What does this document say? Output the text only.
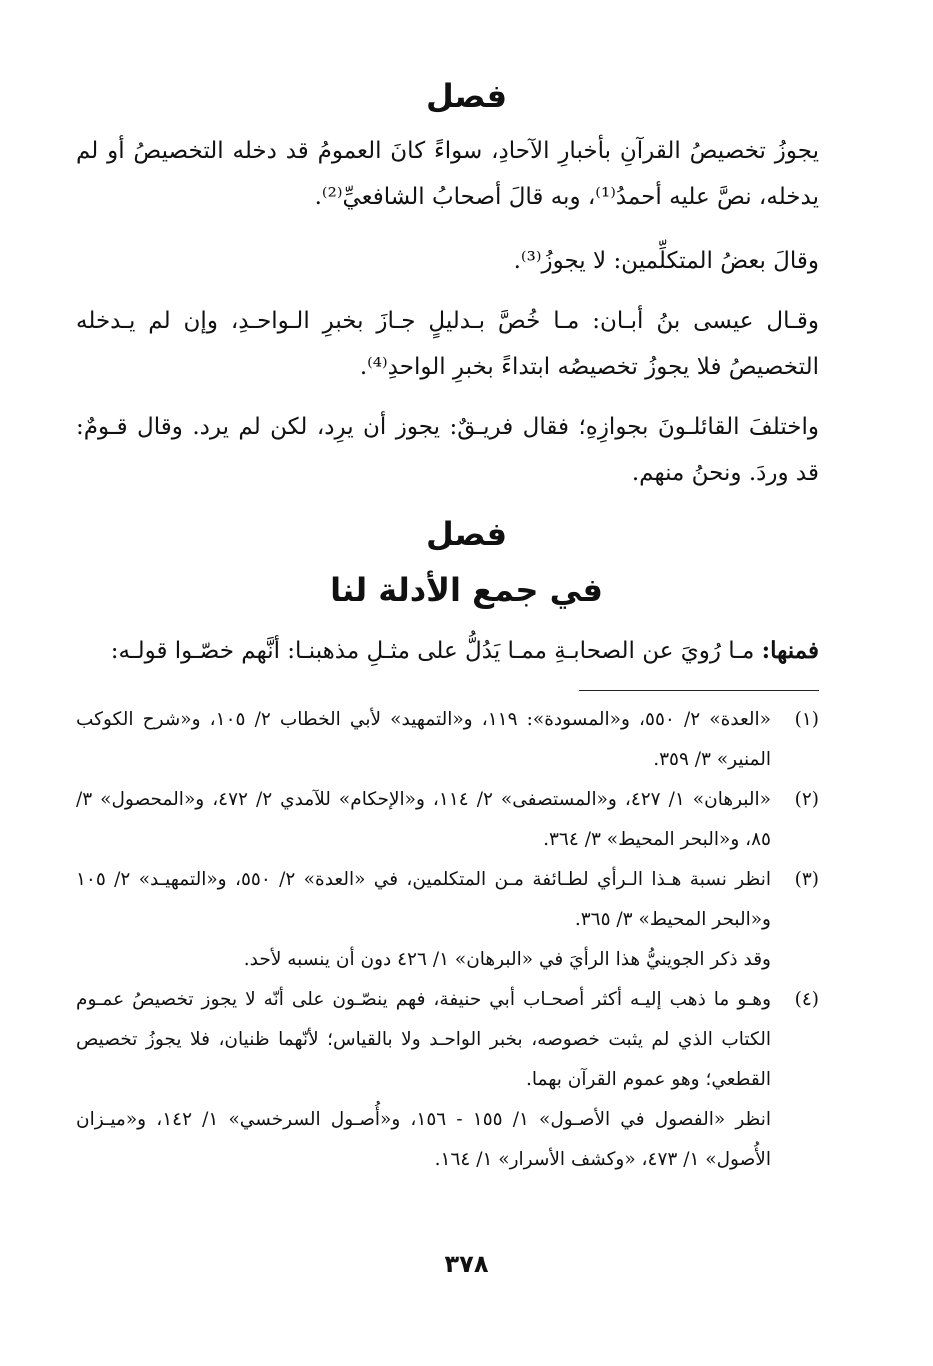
فصل

يجوزُ تخصيصُ القرآنِ بأخبارِ الآحادِ، سواءً كانَ العمومُ قد دخله التخصيصُ أو لم يدخله، نصَّ عليه أحمدُ⁽¹⁾، وبه قالَ أصحابُ الشافعيِّ⁽²⁾.

وقالَ بعضُ المتكلِّمين: لا يجوزُ⁽³⁾.

وقـال عيسى بنُ أبـان: مـا خُصَّ بـدليلٍ جـازَ بخبرِ الـواحـدِ، وإن لم يـدخله التخصيصُ فلا يجوزُ تخصيصُه ابتداءً بخبرِ الواحدِ⁽⁴⁾.

واختلفَ القائلـونَ بجوازِهِ؛ فقال فريـقٌ: يجوز أن يرِد، لكن لم يرد. وقال قـومٌ: قد وردَ. ونحنُ منهم.

فصل
في جمع الأدلة لنا

فمنها: مـا رُويَ عن الصحابـةِ ممـا يَدُلُّ على مثـلِ مذهبنـا: أنَّهم خصّـوا قولـه:

(١)
«العدة» ٢/ ٥٥٠، و«المسودة»: ١١٩، و«التمهيد» لأبي الخطاب ٢/ ١٠٥، و«شرح الكوكب المنير» ٣/ ٣٥٩.
(٢)
«البرهان» ١/ ٤٢٧، و«المستصفى» ٢/ ١١٤، و«الإحكام» للآمدي ٢/ ٤٧٢، و«المحصول» ٣/ ٨٥، و«البحر المحيط» ٣/ ٣٦٤.
(٣)
انظر نسبة هـذا الـرأي لطـائفة مـن المتكلمين، في «العدة» ٢/ ٥٥٠، و«التمهيـد» ٢/ ١٠٥ و«البحر المحيط» ٣/ ٣٦٥.
وقد ذكر الجوينيُّ هذا الرأيَ في «البرهان» ١/ ٤٢٦ دون أن ينسبه لأحد.
(٤)
وهـو ما ذهب إليـه أكثر أصحـاب أبي حنيفة، فهم ينصّـون على أنّه لا يجوز تخصيصُ عمـوم الكتاب الذي لم يثبت خصوصه، بخبر الواحـد ولا بالقياس؛ لأنّهما ظنيان، فلا يجوزُ تخصيص القطعي؛ وهو عموم القرآن بهما.
انظر «الفصول في الأصـول» ١/ ١٥٥ - ١٥٦، و«أُصـول السرخسي» ١/ ١٤٢، و«ميـزان الأُصول» ١/ ٤٧٣، «وكشف الأسرار» ١/ ١٦٤.
٣٧٨
